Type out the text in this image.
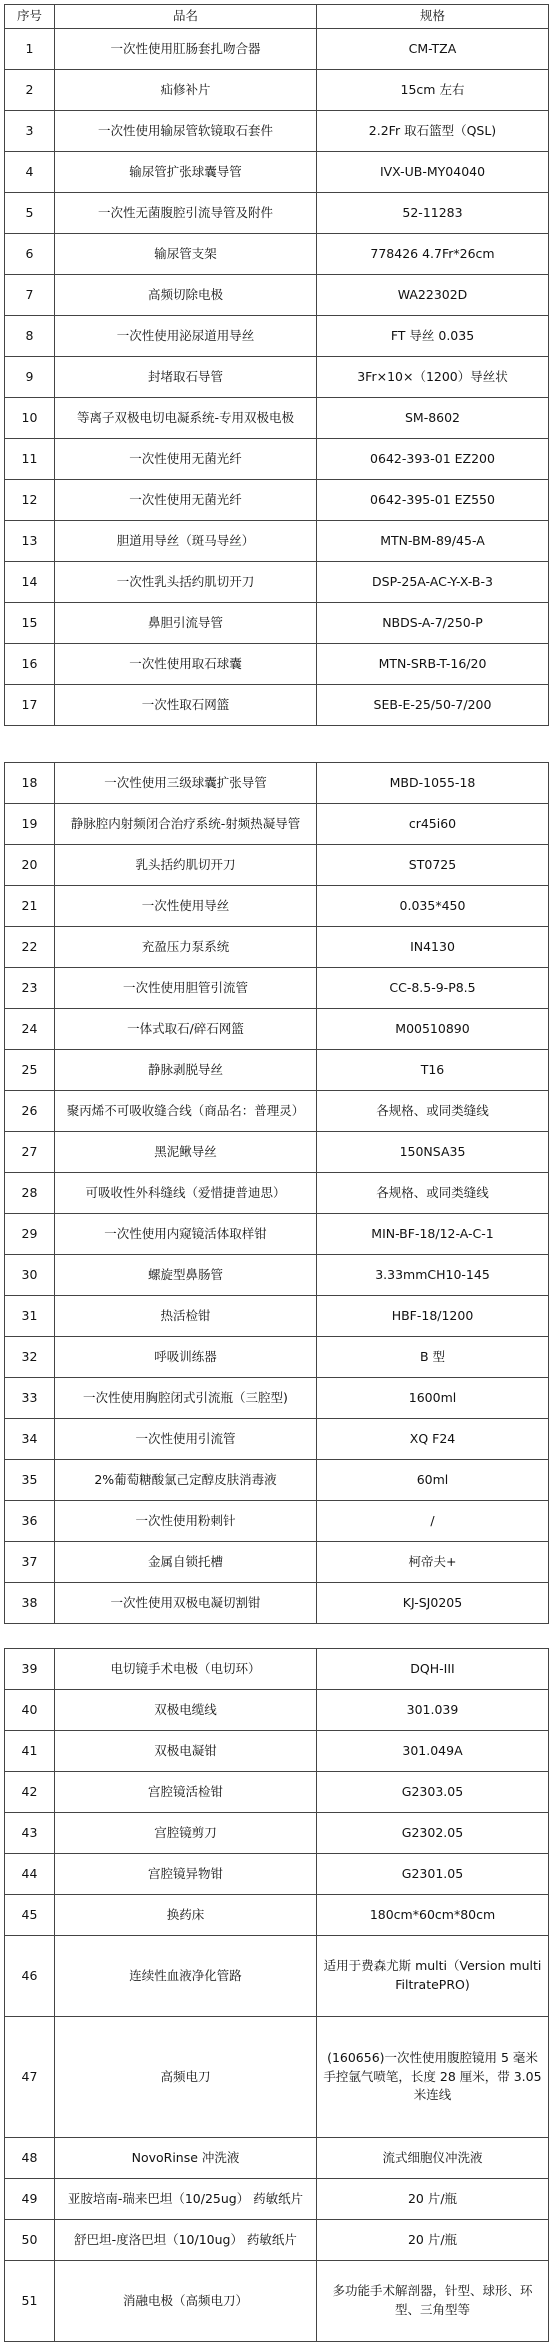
序号	品名	规格
1	一次性使用肛肠套扎吻合器	CM-TZA
2	疝修补片	15cm 左右
3	一次性使用输尿管软镜取石套件	2.2Fr 取石篮型（QSL)
4	输尿管扩张球囊导管	IVX-UB-MY04040
5	一次性无菌腹腔引流导管及附件	52-11283
6	输尿管支架	778426 4.7Fr*26cm
7	高频切除电极	WA22302D
8	一次性使用泌尿道用导丝	FT 导丝 0.035
9	封堵取石导管	3Fr×10×（1200）导丝状
10	等离子双极电切电凝系统-专用双极电极	SM-8602
11	一次性使用无菌光纤	0642-393-01 EZ200
12	一次性使用无菌光纤	0642-395-01 EZ550
13	胆道用导丝（斑马导丝）	MTN-BM-89/45-A
14	一次性乳头括约肌切开刀	DSP-25A-AC-Y-X-B-3
15	鼻胆引流导管	NBDS-A-7/250-P
16	一次性使用取石球囊	MTN-SRB-T-16/20
17	一次性取石网篮	SEB-E-25/50-7/200
18	一次性使用三级球囊扩张导管	MBD-1055-18
19	静脉腔内射频闭合治疗系统-射频热凝导管	cr45i60
20	乳头括约肌切开刀	ST0725
21	一次性使用导丝	0.035*450
22	充盈压力泵系统	IN4130
23	一次性使用胆管引流管	CC-8.5-9-P8.5
24	一体式取石/碎石网篮	M00510890
25	静脉剥脱导丝	T16
26	聚丙烯不可吸收缝合线（商品名：普理灵）	各规格、或同类缝线
27	黑泥鳅导丝	150NSA35
28	可吸收性外科缝线（爱惜捷普迪思）	各规格、或同类缝线
29	一次性使用内窥镜活体取样钳	MIN-BF-18/12-A-C-1
30	螺旋型鼻肠管	3.33mmCH10-145
31	热活检钳	HBF-18/1200
32	呼吸训练器	B 型
33	一次性使用胸腔闭式引流瓶（三腔型)	1600ml
34	一次性使用引流管	XQ F24
35	2%葡萄糖酸氯己定醇皮肤消毒液	60ml
36	一次性使用粉刺针	/
37	金属自锁托槽	柯帝夫+
38	一次性使用双极电凝切割钳	KJ-SJ0205
39	电切镜手术电极（电切环）	DQH-III
40	双极电缆线	301.039
41	双极电凝钳	301.049A
42	宫腔镜活检钳	G2303.05
43	宫腔镜剪刀	G2302.05
44	宫腔镜异物钳	G2301.05
45	换药床	180cm*60cm*80cm
46	连续性血液净化管路	适用于费森尤斯 multi（Version multiFiltratePRO)
47	高频电刀	(160656)一次性使用腹腔镜用 5 毫米手控氩气喷笔，长度 28 厘米，带 3.05 米连线
48	NovoRinse 冲洗液	流式细胞仪冲洗液
49	亚胺培南-瑞来巴坦（10/25ug） 药敏纸片	20 片/瓶
50	舒巴坦-度洛巴坦（10/10ug） 药敏纸片	20 片/瓶
51	消融电极（高频电刀）	多功能手术解剖器，针型、球形、环型、三角型等
